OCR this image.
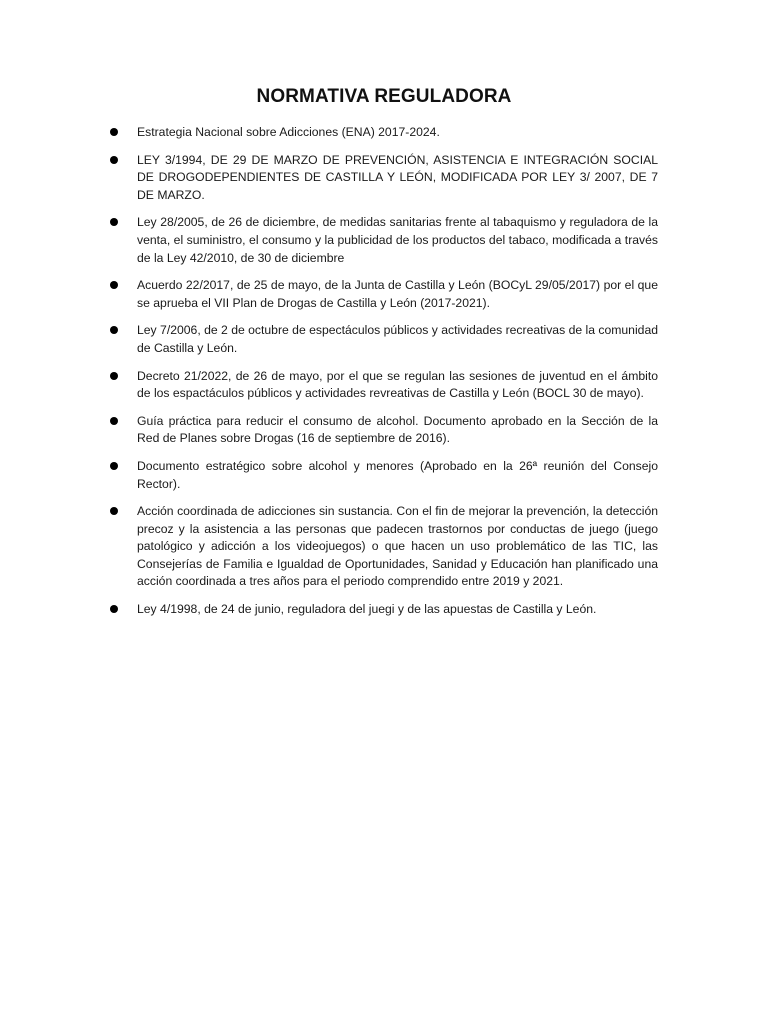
NORMATIVA REGULADORA
Estrategia Nacional sobre Adicciones (ENA) 2017-2024.
LEY 3/1994, DE 29 DE MARZO DE PREVENCIÓN, ASISTENCIA E INTEGRACIÓN SOCIAL DE DROGODEPENDIENTES DE CASTILLA Y LEÓN, MODIFICADA POR LEY 3/ 2007, DE 7 DE MARZO.
Ley 28/2005, de 26 de diciembre, de medidas sanitarias frente al tabaquismo y reguladora de la venta, el suministro, el consumo y la publicidad de los productos del tabaco, modificada a través de la Ley 42/2010, de 30 de diciembre
Acuerdo 22/2017, de 25 de mayo, de la Junta de Castilla y León (BOCyL 29/05/2017) por el que se aprueba el VII Plan de Drogas de Castilla y León (2017-2021).
Ley 7/2006, de 2 de octubre de espectáculos públicos y actividades recreativas de la comunidad de Castilla y León.
Decreto 21/2022, de 26 de mayo, por el que se regulan las sesiones de juventud en el ámbito de los espactáculos públicos y actividades revreativas de Castilla y León (BOCL 30 de mayo).
Guía práctica para reducir el consumo de alcohol. Documento aprobado en la Sección de la Red de Planes sobre Drogas (16 de septiembre de 2016).
Documento estratégico sobre alcohol y menores (Aprobado en la 26ª reunión del Consejo Rector).
Acción coordinada de adicciones sin sustancia. Con el fin de mejorar la prevención, la detección precoz y la asistencia a las personas que padecen trastornos por conductas de juego (juego patológico y adicción a los videojuegos) o que hacen un uso problemático de las TIC, las Consejerías de Familia e Igualdad de Oportunidades, Sanidad y Educación han planificado una acción coordinada a tres años para el periodo comprendido entre 2019 y 2021.
Ley 4/1998, de 24 de junio, reguladora del juegi y de las apuestas de Castilla y León.
